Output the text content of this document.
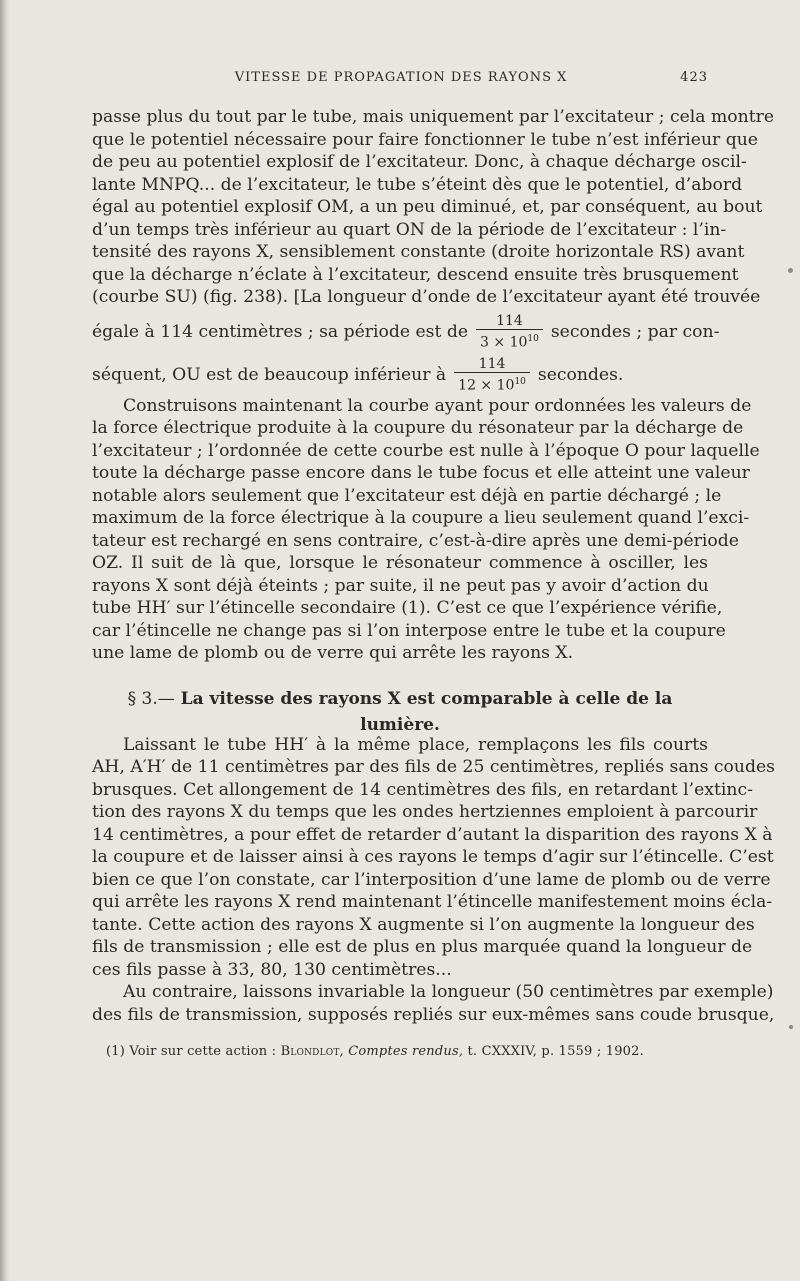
VITESSE DE PROPAGATION DES RAYONS X	423
passe plus du tout par le tube, mais uniquement par l’excitateur ; cela montre
que le potentiel nécessaire pour faire fonctionner le tube n’est inférieur que
de peu au potentiel explosif de l’excitateur. Donc, à chaque décharge oscil-
lante MNPQ... de l’excitateur, le tube s’éteint dès que le potentiel, d’abord
égal au potentiel explosif OM, a un peu diminué, et, par conséquent, au bout
d’un temps très inférieur au quart ON de la période de l’excitateur : l’in-
tensité des rayons X, sensiblement constante (droite horizontale RS) avant
que la décharge n’éclate à l’excitateur, descend ensuite très brusquement
(courbe SU) (fig. 238). [La longueur d’onde de l’excitateur ayant été trouvée
égale à 114 centimètres ; sa période est de $\frac{114}{3 \times 10^{10}}$ secondes ; par con-
séquent, OU est de beaucoup inférieur à $\frac{114}{12 \times 10^{10}}$ secondes.
Construisons maintenant la courbe ayant pour ordonnées les valeurs de
la force électrique produite à la coupure du résonateur par la décharge de
l’excitateur ; l’ordonnée de cette courbe est nulle à l’époque O pour laquelle
toute la décharge passe encore dans le tube focus et elle atteint une valeur
notable alors seulement que l’excitateur est déjà en partie déchargé ; le
maximum de la force électrique à la coupure a lieu seulement quand l’exci-
tateur est rechargé en sens contraire, c’est-à-dire après une demi-période
OZ. Il suit de là que, lorsque le résonateur commence à osciller, les
rayons X sont déjà éteints ; par suite, il ne peut pas y avoir d’action du
tube HH′ sur l’étincelle secondaire (1). C’est ce que l’expérience vérifie,
car l’étincelle ne change pas si l’on interpose entre le tube et la coupure
une lame de plomb ou de verre qui arrête les rayons X.
§ 3.— La vitesse des rayons X est comparable à celle de la lumière.
Laissant le tube HH′ à la même place, remplaçons les fils courts
AH, A′H′ de 11 centimètres par des fils de 25 centimètres, repliés sans coudes
brusques. Cet allongement de 14 centimètres des fils, en retardant l’extinc-
tion des rayons X du temps que les ondes hertziennes emploient à parcourir
14 centimètres, a pour effet de retarder d’autant la disparition des rayons X à
la coupure et de laisser ainsi à ces rayons le temps d’agir sur l’étincelle. C’est
bien ce que l’on constate, car l’interposition d’une lame de plomb ou de verre
qui arrête les rayons X rend maintenant l’étincelle manifestement moins écla-
tante. Cette action des rayons X augmente si l’on augmente la longueur des
fils de transmission ; elle est de plus en plus marquée quand la longueur de
ces fils passe à 33, 80, 130 centimètres...
Au contraire, laissons invariable la longueur (50 centimètres par exemple)
des fils de transmission, supposés repliés sur eux-mêmes sans coude brusque,
(1) Voir sur cette action : Blondlot, Comptes rendus, t. CXXXIV, p. 1559 ; 1902.
